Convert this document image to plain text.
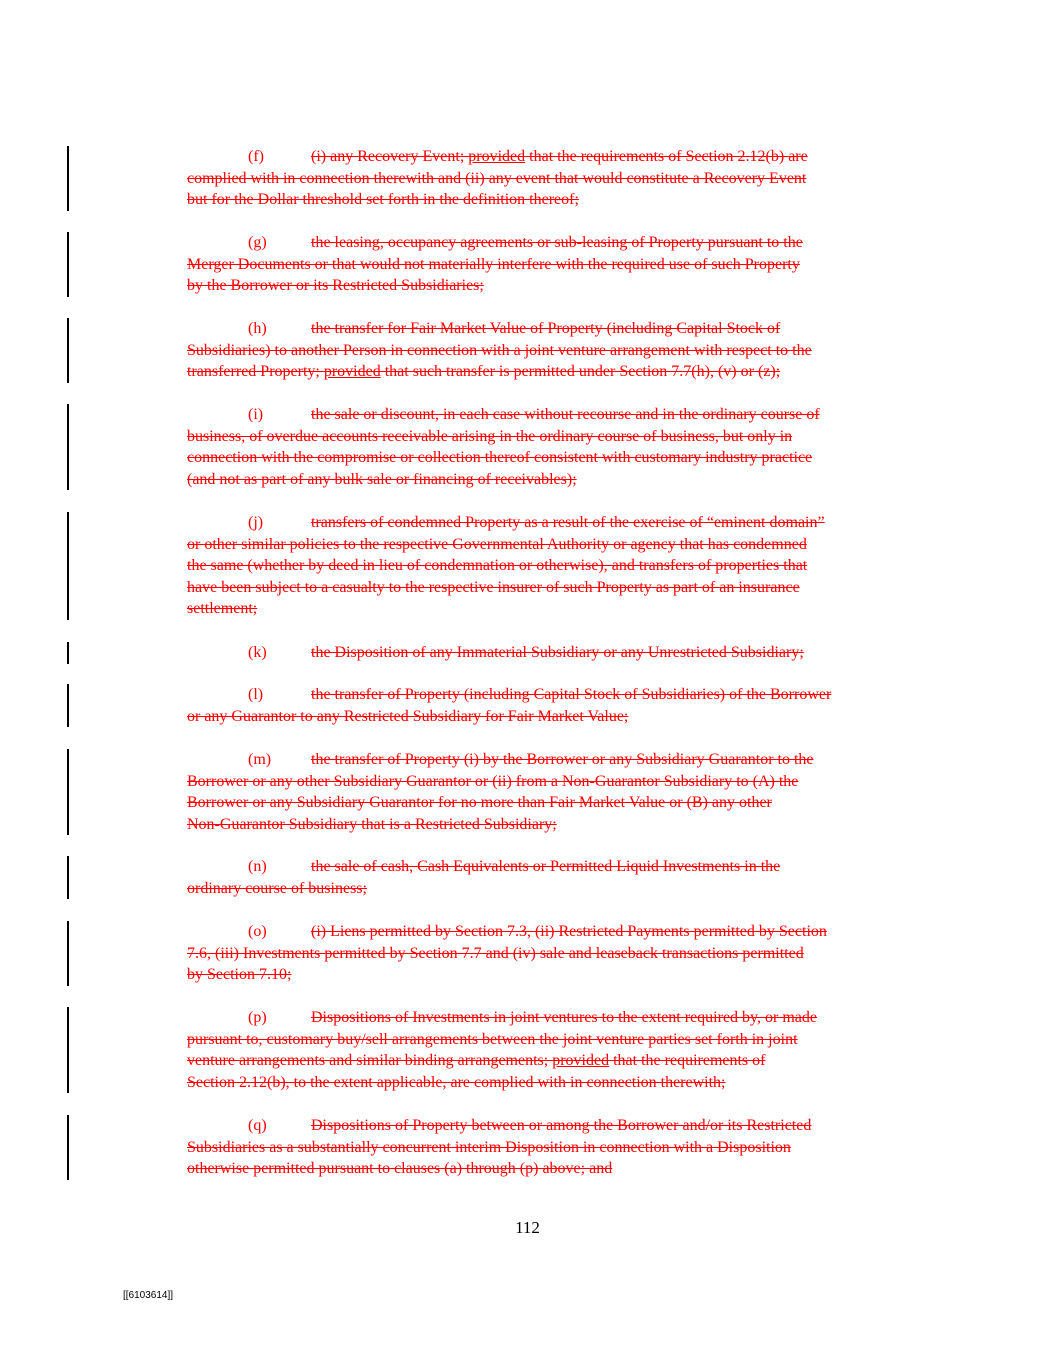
(f)	(i) any Recovery Event; provided that the requirements of Section 2.12(b) are
complied with in connection therewith and (ii) any event that would constitute a Recovery Event
but for the Dollar threshold set forth in the definition thereof;
(g)	the leasing, occupancy agreements or sub-leasing of Property pursuant to the
Merger Documents or that would not materially interfere with the required use of such Property
by the Borrower or its Restricted Subsidiaries;
(h)	the transfer for Fair Market Value of Property (including Capital Stock of
Subsidiaries) to another Person in connection with a joint venture arrangement with respect to the
transferred Property; provided that such transfer is permitted under Section 7.7(h), (v) or (z);
(i)	the sale or discount, in each case without recourse and in the ordinary course of
business, of overdue accounts receivable arising in the ordinary course of business, but only in
connection with the compromise or collection thereof consistent with customary industry practice
(and not as part of any bulk sale or financing of receivables);
(j)	transfers of condemned Property as a result of the exercise of “eminent domain”
or other similar policies to the respective Governmental Authority or agency that has condemned
the same (whether by deed in lieu of condemnation or otherwise), and transfers of properties that
have been subject to a casualty to the respective insurer of such Property as part of an insurance
settlement;
(k)	the Disposition of any Immaterial Subsidiary or any Unrestricted Subsidiary;
(l)	the transfer of Property (including Capital Stock of Subsidiaries) of the Borrower
or any Guarantor to any Restricted Subsidiary for Fair Market Value;
(m) the transfer of Property (i) by the Borrower or any Subsidiary Guarantor to the
Borrower or any other Subsidiary Guarantor or (ii) from a Non-Guarantor Subsidiary to (A) the
Borrower or any Subsidiary Guarantor for no more than Fair Market Value or (B) any other
Non-Guarantor Subsidiary that is a Restricted Subsidiary;
(n)	the sale of cash, Cash Equivalents or Permitted Liquid Investments in the
ordinary course of business;
(o)	(i) Liens permitted by Section 7.3, (ii) Restricted Payments permitted by Section
7.6, (iii) Investments permitted by Section 7.7 and (iv) sale and leaseback transactions permitted
by Section 7.10;
(p)	Dispositions of Investments in joint ventures to the extent required by, or made
pursuant to, customary buy/sell arrangements between the joint venture parties set forth in joint
venture arrangements and similar binding arrangements; provided that the requirements of
Section 2.12(b), to the extent applicable, are complied with in connection therewith;
(q)	Dispositions of Property between or among the Borrower and/or its Restricted
Subsidiaries as a substantially concurrent interim Disposition in connection with a Disposition
otherwise permitted pursuant to clauses (a) through (p) above; and
112
[[6103614]]
